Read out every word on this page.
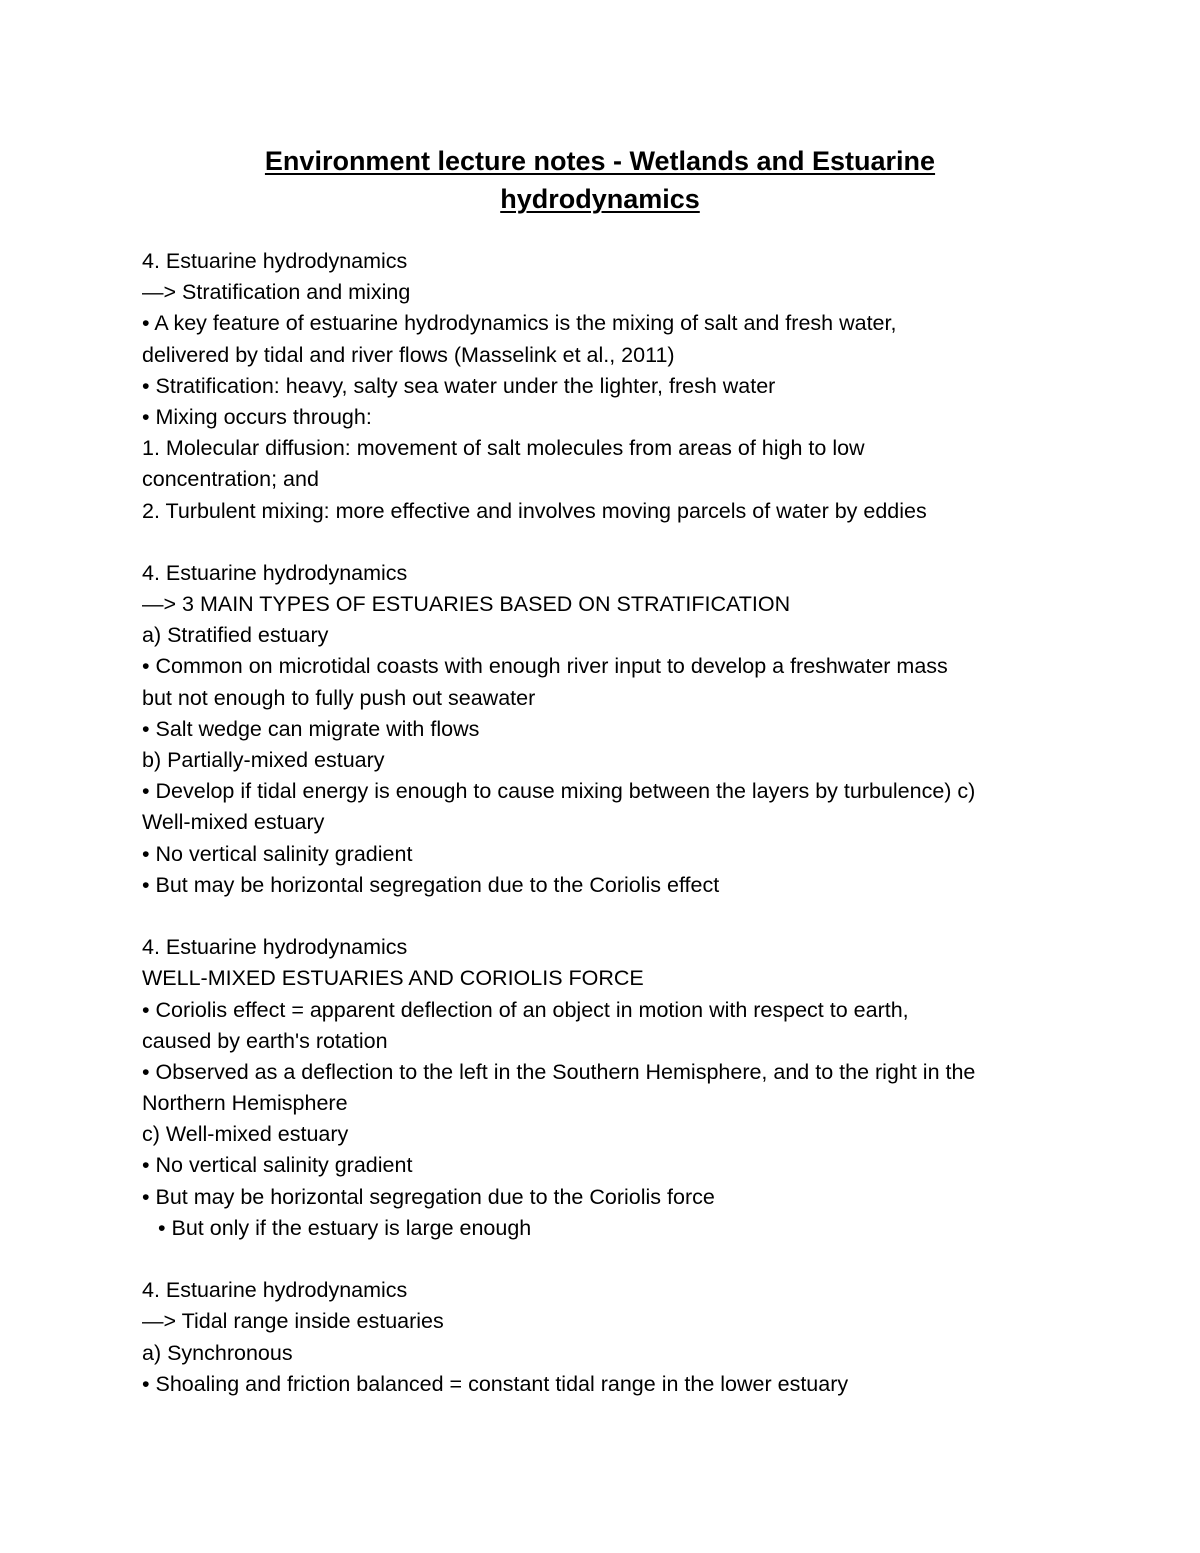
Environment lecture notes - Wetlands and Estuarine
hydrodynamics
4. Estuarine hydrodynamics
—> Stratification and mixing
• A key feature of estuarine hydrodynamics is the mixing of salt and fresh water,
delivered by tidal and river flows (Masselink et al., 2011)
• Stratification: heavy, salty sea water under the lighter, fresh water
• Mixing occurs through:
1. Molecular diffusion: movement of salt molecules from areas of high to low
concentration; and
2. Turbulent mixing: more effective and involves moving parcels of water by eddies
4. Estuarine hydrodynamics
—> 3 MAIN TYPES OF ESTUARIES BASED ON STRATIFICATION
a) Stratified estuary
• Common on microtidal coasts with enough river input to develop a freshwater mass
but not enough to fully push out seawater
• Salt wedge can migrate with flows
b) Partially-mixed estuary
• Develop if tidal energy is enough to cause mixing between the layers by turbulence) c)
Well-mixed estuary
• No vertical salinity gradient
• But may be horizontal segregation due to the Coriolis effect
4. Estuarine hydrodynamics
WELL-MIXED ESTUARIES AND CORIOLIS FORCE
• Coriolis effect = apparent deflection of an object in motion with respect to earth,
caused by earth's rotation
• Observed as a deflection to the left in the Southern Hemisphere, and to the right in the
Northern Hemisphere
c) Well-mixed estuary
• No vertical salinity gradient
• But may be horizontal segregation due to the Coriolis force
• But only if the estuary is large enough
4. Estuarine hydrodynamics
—> Tidal range inside estuaries
a) Synchronous
• Shoaling and friction balanced = constant tidal range in the lower estuary
